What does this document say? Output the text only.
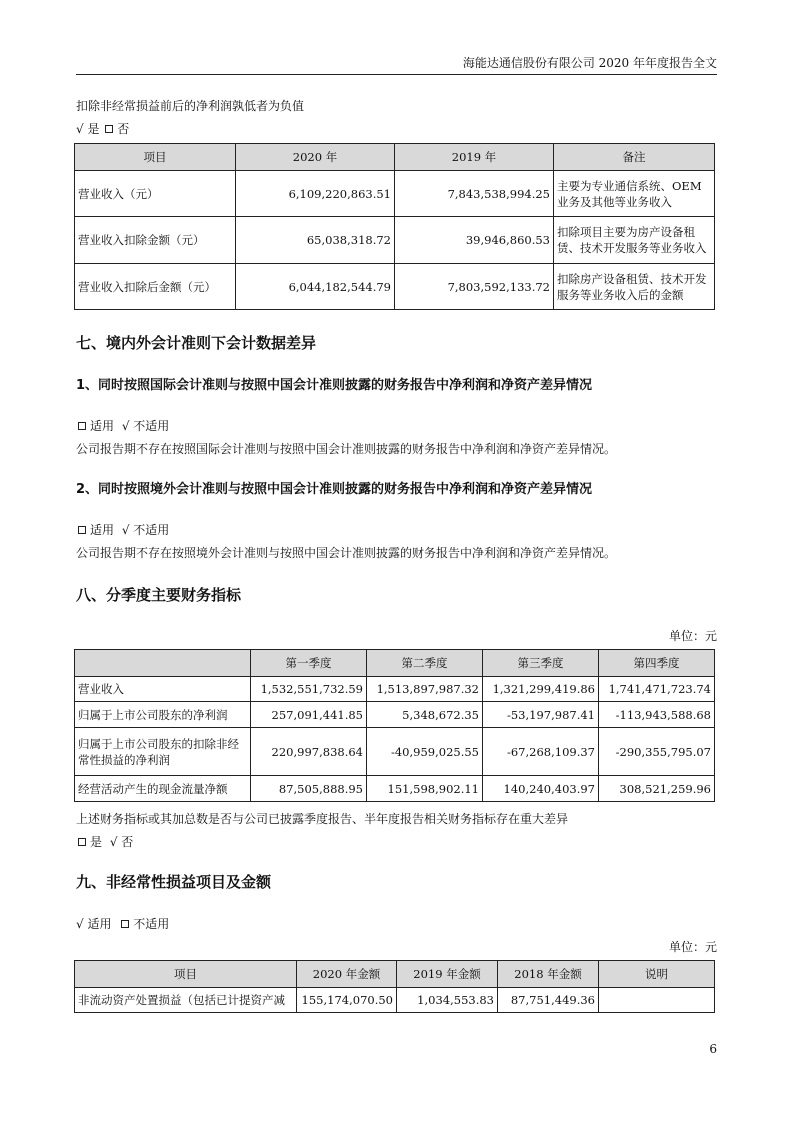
海能达通信股份有限公司 2020 年年度报告全文
扣除非经常损益前后的净利润孰低者为负值
√ 是 否
项目	2020 年	2019 年	备注
营业收入（元）	6,109,220,863.51	7,843,538,994.25	主要为专业通信系统、OEM 业务及其他等业务收入
营业收入扣除金额（元）	65,038,318.72	39,946,860.53	扣除项目主要为房产设备租赁、技术开发服务等业务收入
营业收入扣除后金额（元）	6,044,182,544.79	7,803,592,133.72	扣除房产设备租赁、技术开发服务等业务收入后的金额
七、境内外会计准则下会计数据差异
1、同时按照国际会计准则与按照中国会计准则披露的财务报告中净利润和净资产差异情况
适用 √ 不适用
公司报告期不存在按照国际会计准则与按照中国会计准则披露的财务报告中净利润和净资产差异情况。
2、同时按照境外会计准则与按照中国会计准则披露的财务报告中净利润和净资产差异情况
适用 √ 不适用
公司报告期不存在按照境外会计准则与按照中国会计准则披露的财务报告中净利润和净资产差异情况。
八、分季度主要财务指标
单位：元
	第一季度	第二季度	第三季度	第四季度
营业收入	1,532,551,732.59	1,513,897,987.32	1,321,299,419.86	1,741,471,723.74
归属于上市公司股东的净利润	257,091,441.85	5,348,672.35	-53,197,987.41	-113,943,588.68
归属于上市公司股东的扣除非经常性损益的净利润	220,997,838.64	-40,959,025.55	-67,268,109.37	-290,355,795.07
经营活动产生的现金流量净额	87,505,888.95	151,598,902.11	140,240,403.97	308,521,259.96
上述财务指标或其加总数是否与公司已披露季度报告、半年度报告相关财务指标存在重大差异
是 √ 否
九、非经常性损益项目及金额
√ 适用 不适用
单位：元
项目	2020 年金额	2019 年金额	2018 年金额	说明
非流动资产处置损益（包括已计提资产减	155,174,070.50	1,034,553.83	87,751,449.36	
6
